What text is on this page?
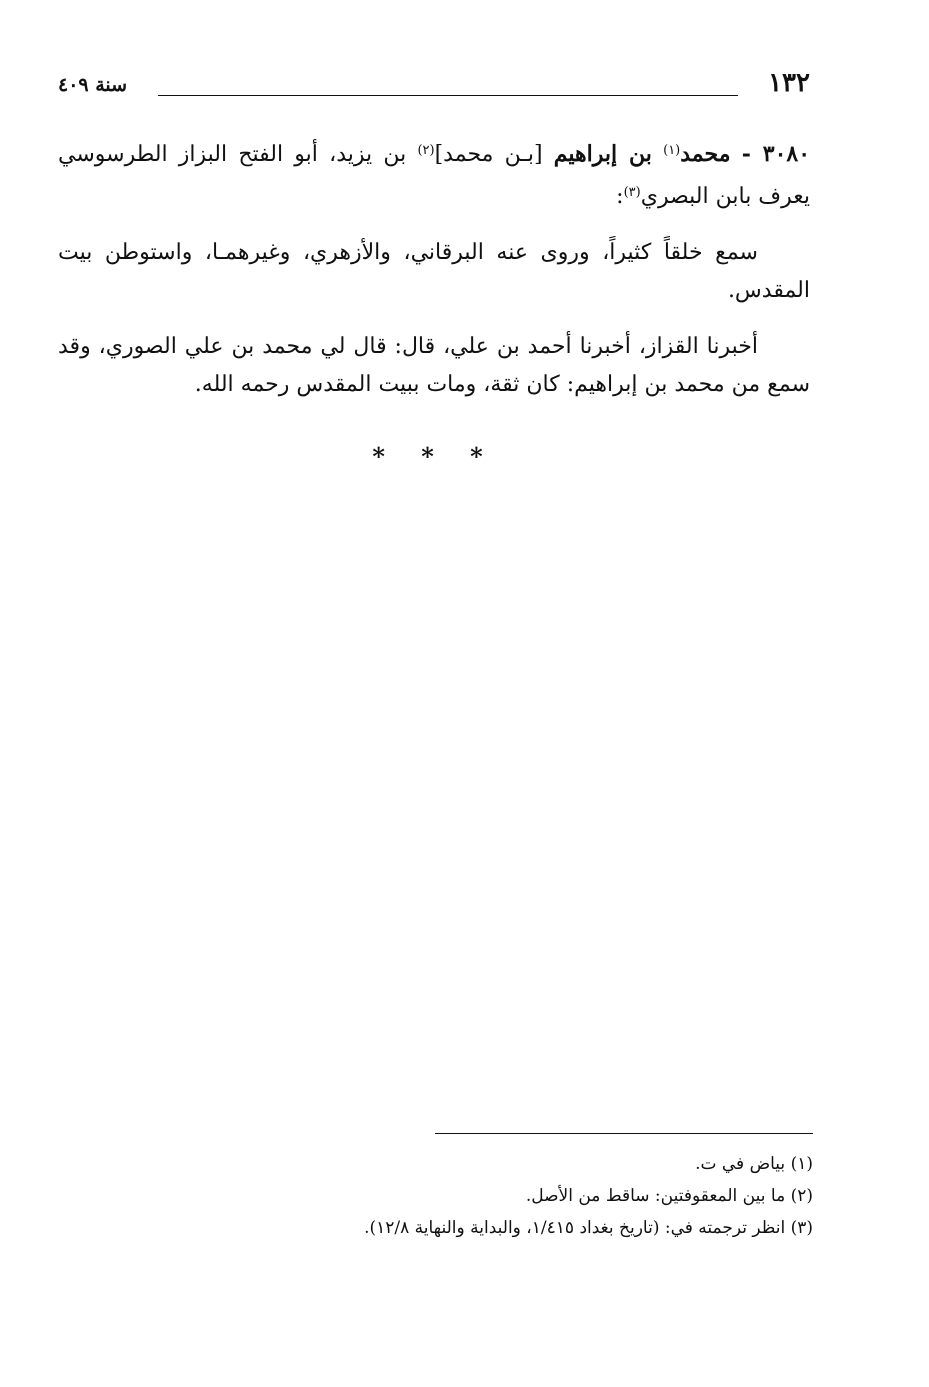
١٣٢
سنة ٤٠٩

٣٠٨٠ - محمد$^{(١)}$ بن إبراهيم [بـن محمد]$^{(٢)}$ بن يزيد، أبو الفتح البزاز الطرسوسي يعرف بابن البصري$^{(٣)}$:

سمع خلقاً كثيراً، وروى عنه البرقاني، والأزهري، وغيرهمـا، واستوطن بيت المقدس.

أخبرنا القزاز، أخبرنا أحمد بن علي، قال: قال لي محمد بن علي الصوري، وقد سمع من محمد بن إبراهيم: كان ثقة، ومات ببيت المقدس رحمه الله.

* * *
(١) بياض في ت.
(٢) ما بين المعقوفتين: ساقط من الأصل.
(٣) انظر ترجمته في: (تاريخ بغداد ١/٤١٥، والبداية والنهاية ١٢/٨).
